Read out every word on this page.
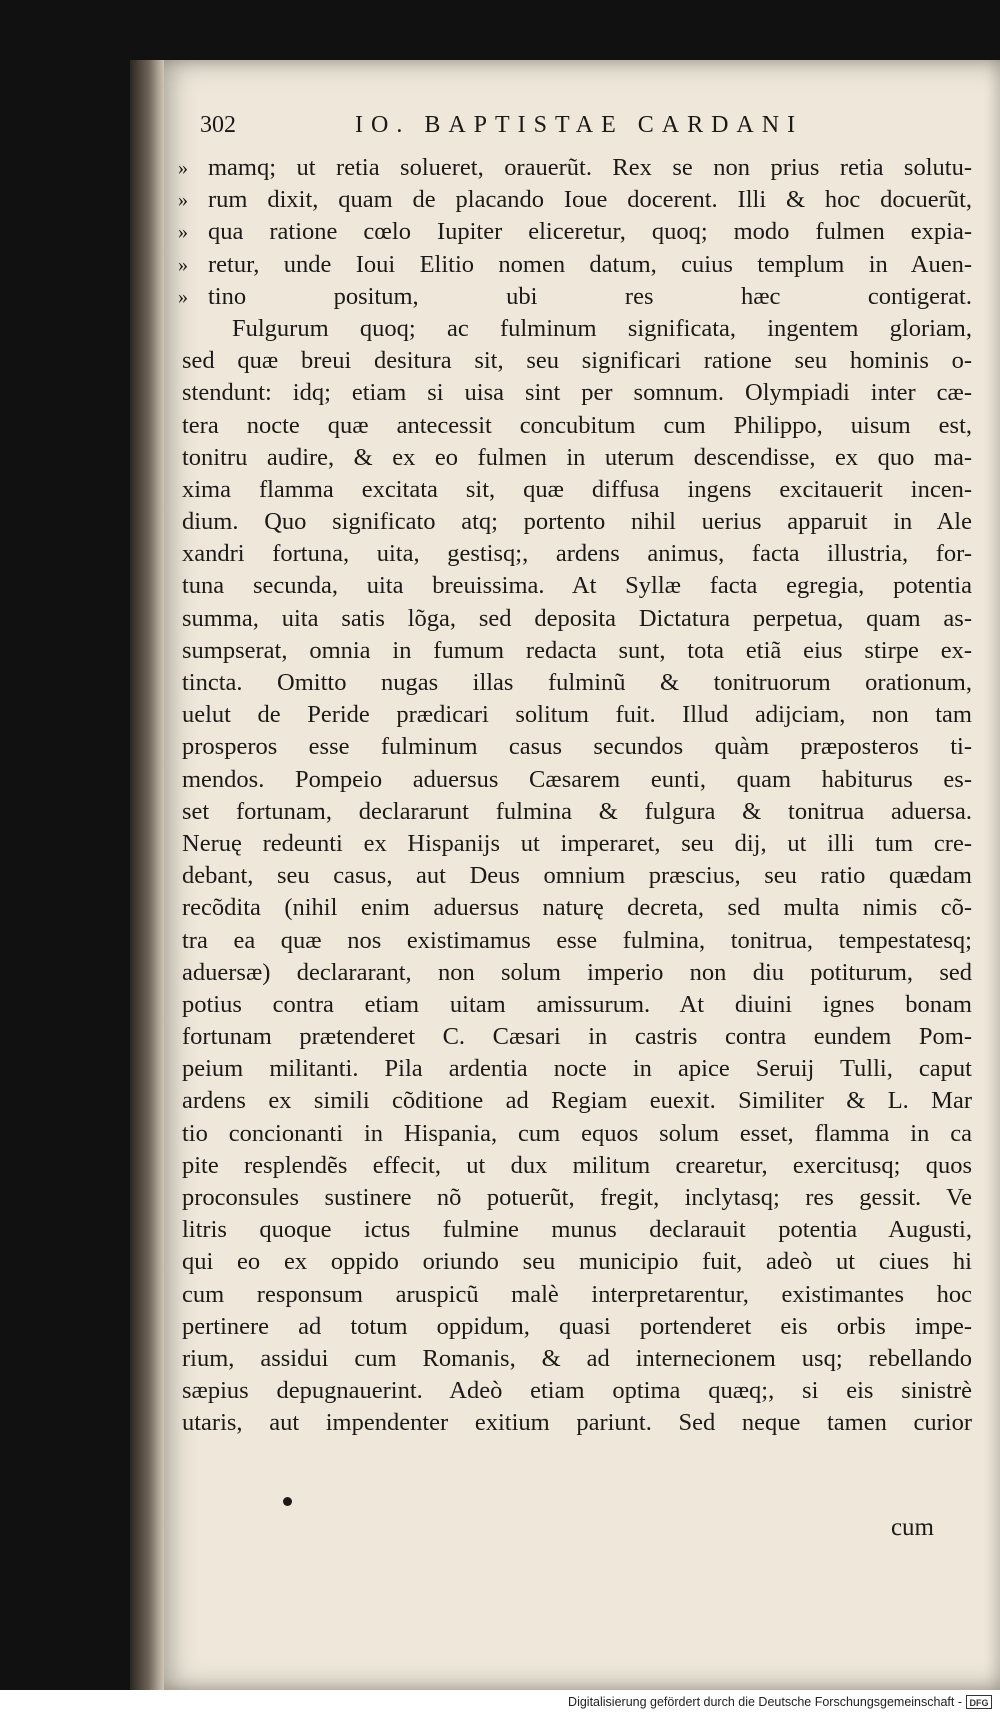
302	IO. BAPTISTAE CARDANI
» mamq; ut retia solueret, orauerũt. Rex se non prius retia solutu-
» rum dixit, quam de placando Ioue docerent. Illi & hoc docuerũt,
» qua ratione cœlo Iupiter eliceretur, quoq; modo fulmen expia-
» retur, unde Ioui Elitio nomen datum, cuius templum in Auen-
» tino positum, ubi res hæc contigerat.
Fulgurum quoq; ac fulminum significata, ingentem gloriam,
sed quæ breui desitura sit, seu significari ratione seu hominis o-
stendunt: idq; etiam si uisa sint per somnum. Olympiadi inter cæ-
tera nocte quæ antecessit concubitum cum Philippo, uisum est,
tonitru audire, & ex eo fulmen in uterum descendisse, ex quo ma-
xima flamma excitata sit, quæ diffusa ingens excitauerit incen-
dium. Quo significato atq; portento nihil uerius apparuit in Ale
xandri fortuna, uita, gestisq;, ardens animus, facta illustria, for-
tuna secunda, uita breuissima. At Syllæ facta egregia, potentia
summa, uita satis lõga, sed deposita Dictatura perpetua, quam as-
sumpserat, omnia in fumum redacta sunt, tota etiã eius stirpe ex-
tincta. Omitto nugas illas fulminũ & tonitruorum orationum,
uelut de Peride prædicari solitum fuit. Illud adijciam, non tam
prosperos esse fulminum casus secundos quàm præposteros ti-
mendos. Pompeio aduersus Cæsarem eunti, quam habiturus es-
set fortunam, declararunt fulmina & fulgura & tonitrua aduersa.
Neruę redeunti ex Hispanijs ut imperaret, seu dij, ut illi tum cre-
debant, seu casus, aut Deus omnium præscius, seu ratio quædam
recõdita (nihil enim aduersus naturę decreta, sed multa nimis cõ-
tra ea quæ nos existimamus esse fulmina, tonitrua, tempestatesq;
aduersæ) declararant, non solum imperio non diu potiturum, sed
potius contra etiam uitam amissurum. At diuini ignes bonam
fortunam prætenderet C. Cæsari in castris contra eundem Pom-
peium militanti. Pila ardentia nocte in apice Seruij Tulli, caput
ardens ex simili cõditione ad Regiam euexit. Similiter & L. Mar
tio concionanti in Hispania, cum equos solum esset, flamma in ca
pite resplendẽs effecit, ut dux militum crearetur, exercitusq; quos
proconsules sustinere nõ potuerũt, fregit, inclytasq; res gessit. Ve
litris quoque ictus fulmine munus declarauit potentia Augusti,
qui eo ex oppido oriundo seu municipio fuit, adeò ut ciues hi
cum responsum aruspicũ malè interpretarentur, existimantes hoc
pertinere ad totum oppidum, quasi portenderet eis orbis impe-
rium, assidui cum Romanis, & ad internecionem usq; rebellando
sæpius depugnauerint. Adeò etiam optima quæq;, si eis sinistrè
utaris, aut impendenter exitium pariunt. Sed neque tamen curior
cum
Digitalisierung gefördert durch die Deutsche Forschungsgemeinschaft - DFG
